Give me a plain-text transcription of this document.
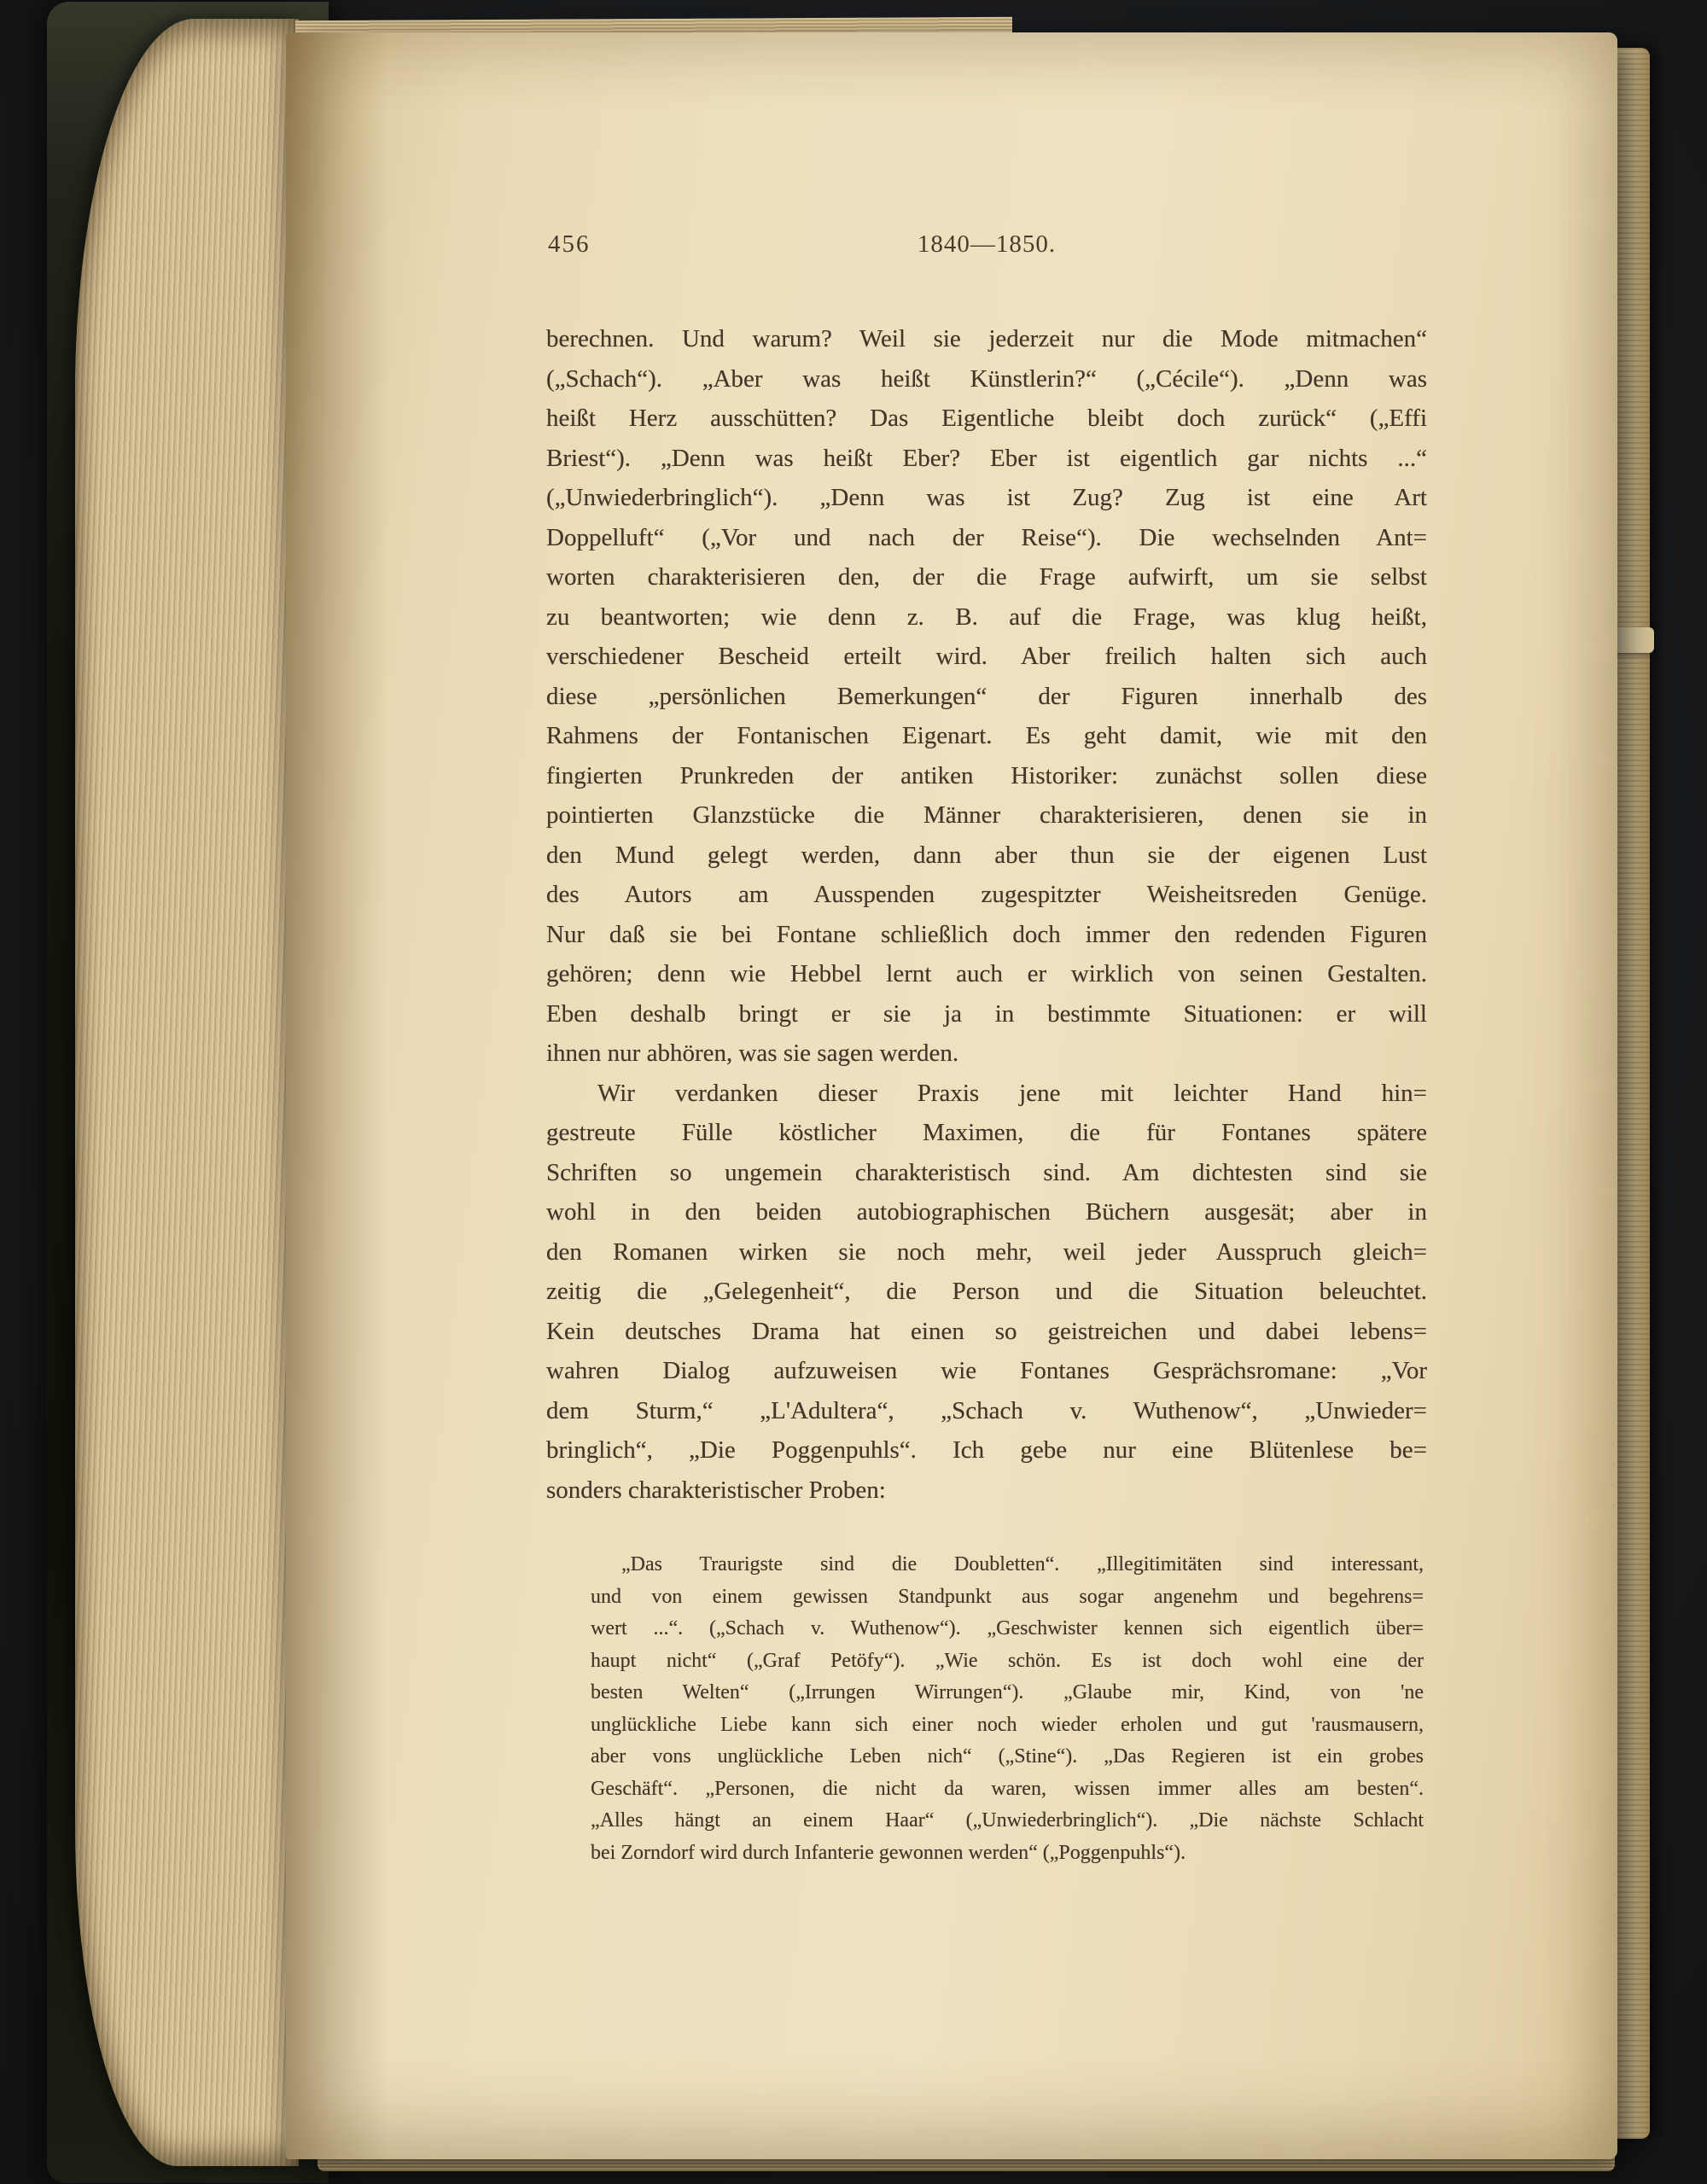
456	1840—1850.
berechnen. Und warum? Weil sie jederzeit nur die Mode mitmachen“
(„Schach“). „Aber was heißt Künstlerin?“ („Cécile“). „Denn was
heißt Herz ausschütten? Das Eigentliche bleibt doch zurück“ („Effi
Briest“). „Denn was heißt Eber? Eber ist eigentlich gar nichts ...“
(„Unwiederbringlich“). „Denn was ist Zug? Zug ist eine Art
Doppelluft“ („Vor und nach der Reise“). Die wechselnden Ant=
worten charakterisieren den, der die Frage aufwirft, um sie selbst
zu beantworten; wie denn z. B. auf die Frage, was klug heißt,
verschiedener Bescheid erteilt wird. Aber freilich halten sich auch
diese „persönlichen Bemerkungen“ der Figuren innerhalb des
Rahmens der Fontanischen Eigenart. Es geht damit, wie mit den
fingierten Prunkreden der antiken Historiker: zunächst sollen diese
pointierten Glanzstücke die Männer charakterisieren, denen sie in
den Mund gelegt werden, dann aber thun sie der eigenen Lust
des Autors am Ausspenden zugespitzter Weisheitsreden Genüge.
Nur daß sie bei Fontane schließlich doch immer den redenden Figuren
gehören; denn wie Hebbel lernt auch er wirklich von seinen Gestalten.
Eben deshalb bringt er sie ja in bestimmte Situationen: er will
ihnen nur abhören, was sie sagen werden.
Wir verdanken dieser Praxis jene mit leichter Hand hin=
gestreute Fülle köstlicher Maximen, die für Fontanes spätere
Schriften so ungemein charakteristisch sind. Am dichtesten sind sie
wohl in den beiden autobiographischen Büchern ausgesät; aber in
den Romanen wirken sie noch mehr, weil jeder Ausspruch gleich=
zeitig die „Gelegenheit“, die Person und die Situation beleuchtet.
Kein deutsches Drama hat einen so geistreichen und dabei lebens=
wahren Dialog aufzuweisen wie Fontanes Gesprächsromane: „Vor
dem Sturm,“ „L'Adultera“, „Schach v. Wuthenow“, „Unwieder=
bringlich“, „Die Poggenpuhls“. Ich gebe nur eine Blütenlese be=
sonders charakteristischer Proben:
„Das Traurigste sind die Doubletten“. „Illegitimitäten sind interessant,
und von einem gewissen Standpunkt aus sogar angenehm und begehrens=
wert ...“. („Schach v. Wuthenow“). „Geschwister kennen sich eigentlich über=
haupt nicht“ („Graf Petöfy“). „Wie schön. Es ist doch wohl eine der
besten Welten“ („Irrungen Wirrungen“). „Glaube mir, Kind, von 'ne
unglückliche Liebe kann sich einer noch wieder erholen und gut 'rausmausern,
aber vons unglückliche Leben nich“ („Stine“). „Das Regieren ist ein grobes
Geschäft“. „Personen, die nicht da waren, wissen immer alles am besten“.
„Alles hängt an einem Haar“ („Unwiederbringlich“). „Die nächste Schlacht
bei Zorndorf wird durch Infanterie gewonnen werden“ („Poggenpuhls“).
